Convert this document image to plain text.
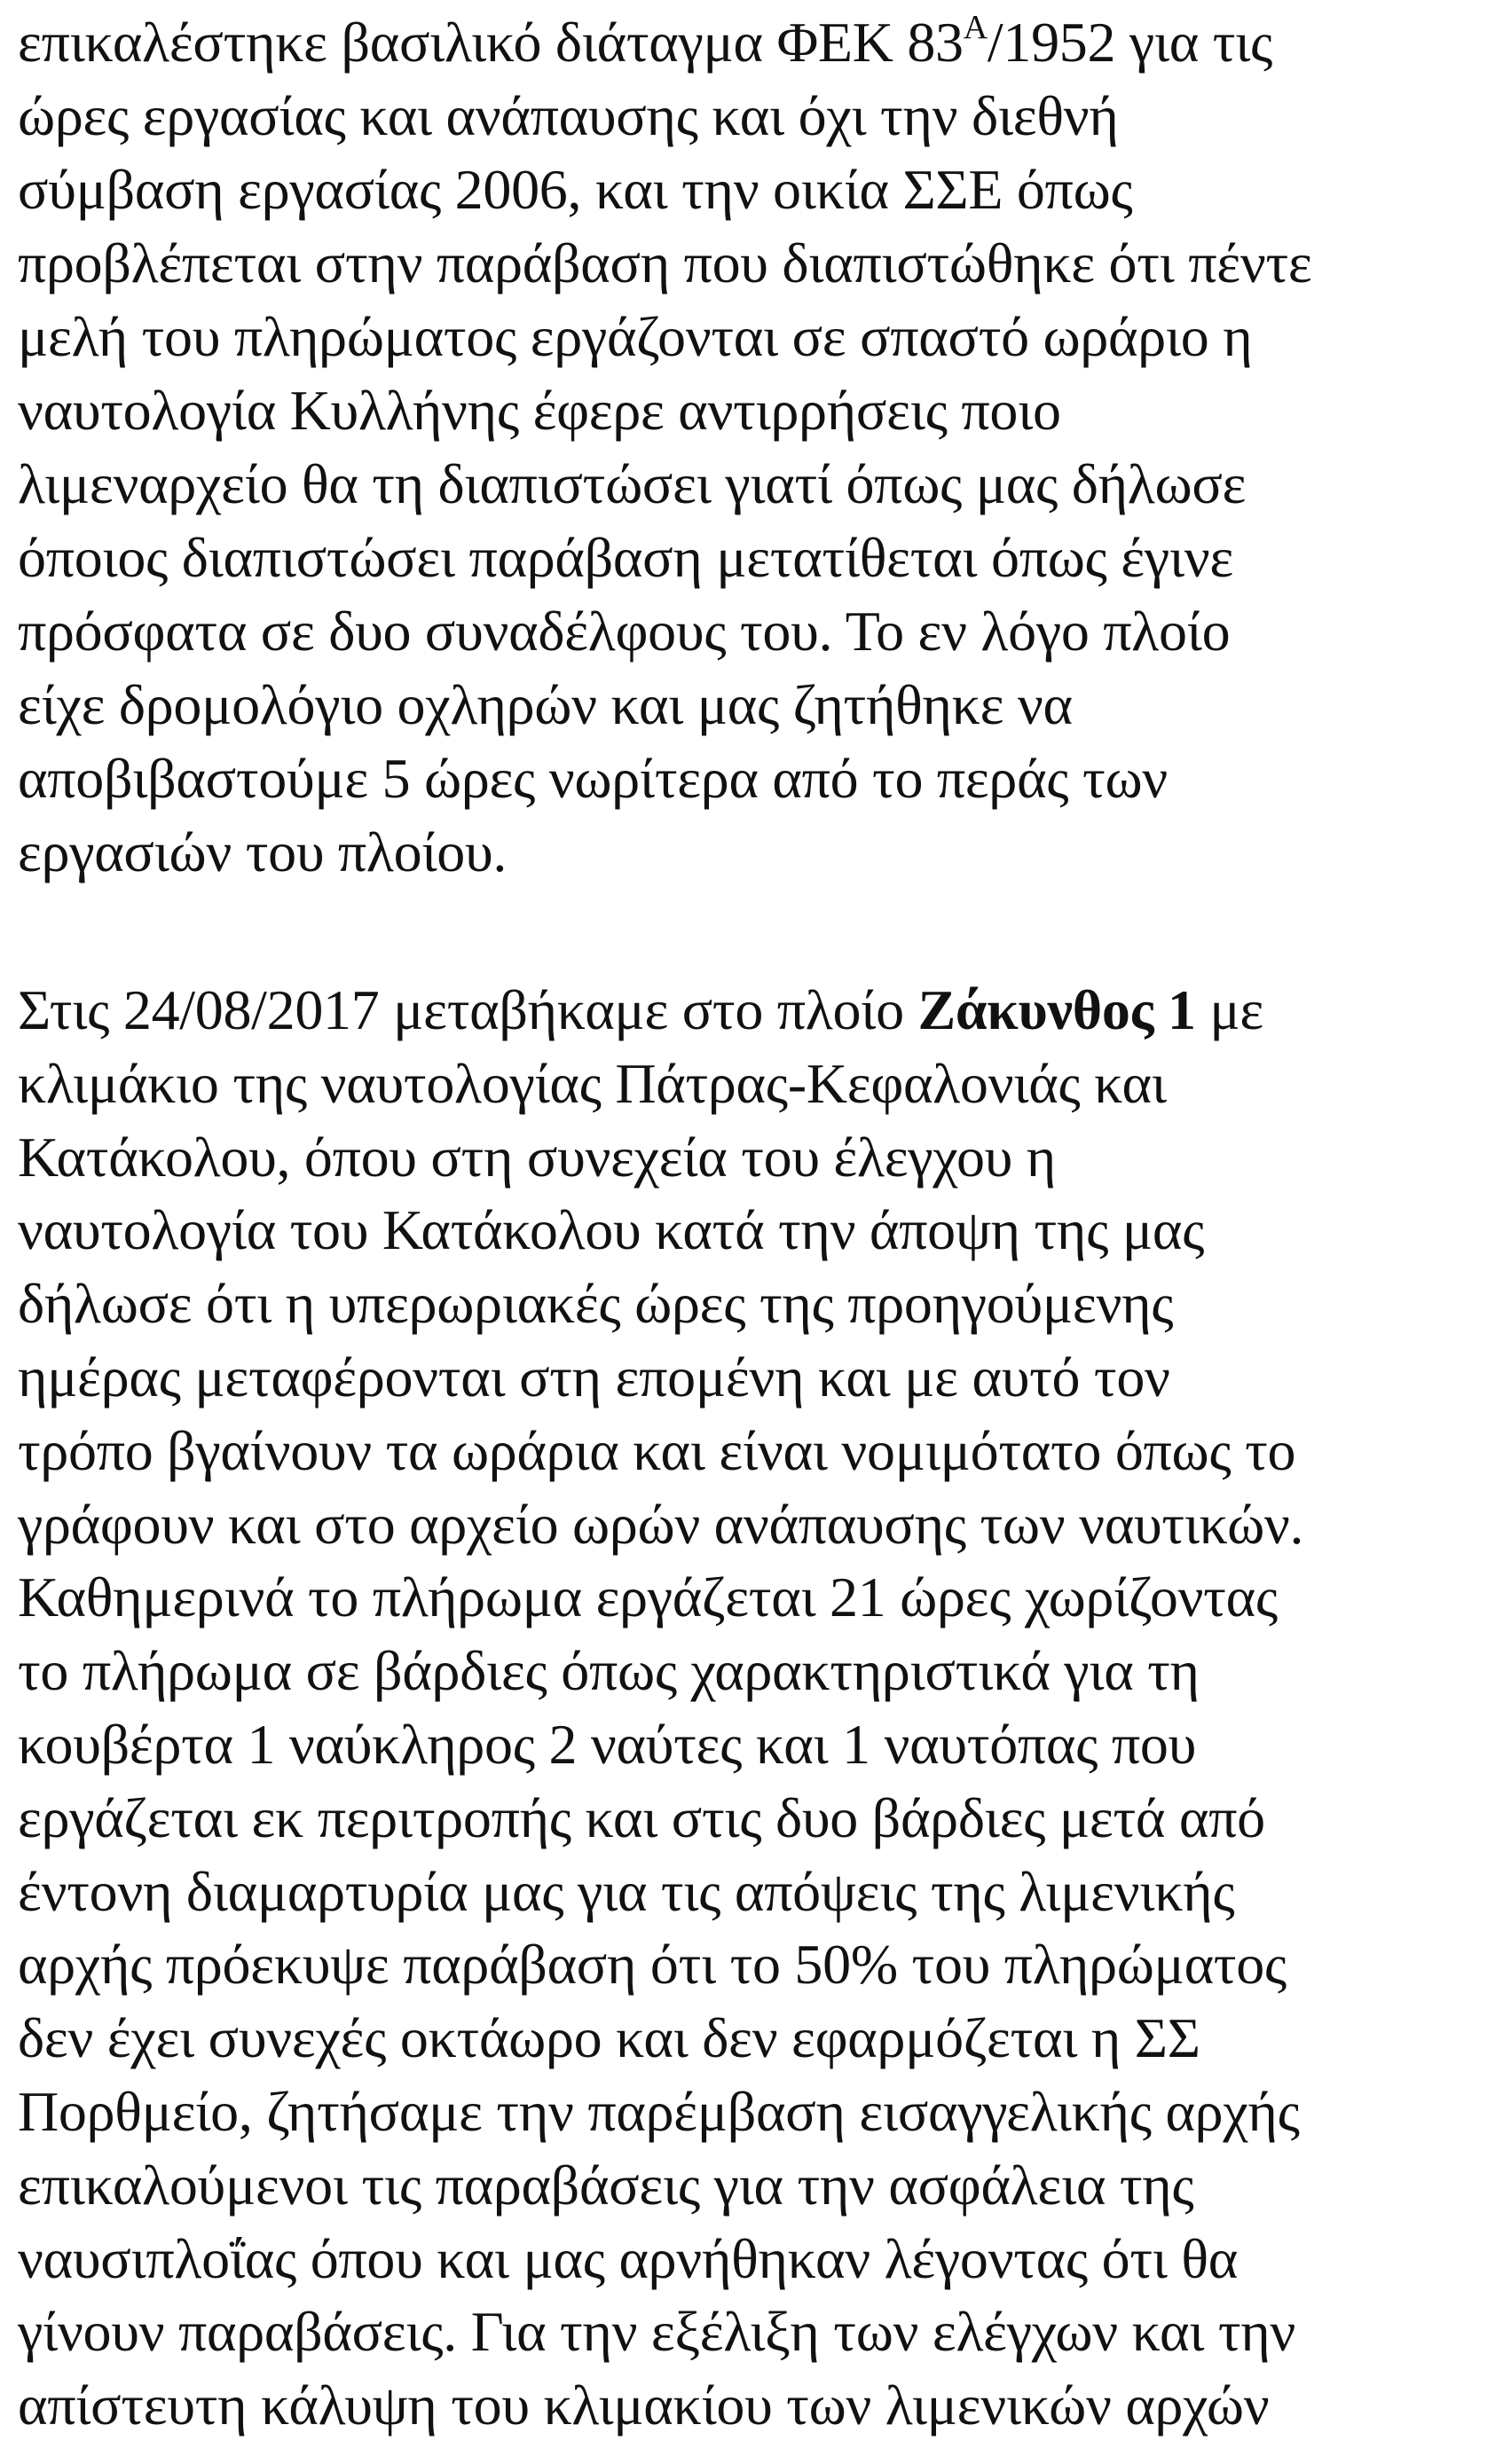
επικαλέστηκε βασιλικό διάταγμα ΦΕΚ $83^A/1952$ για τις
ώρες εργασίας και ανάπαυσης και όχι την διεθνή
σύμβαση εργασίας 2006, και την οικία ΣΣΕ όπως
προβλέπεται στην παράβαση που διαπιστώθηκε ότι πέντε
μελή του πληρώματος εργάζονται σε σπαστό ωράριο η
ναυτολογία Κυλλήνης έφερε αντιρρήσεις ποιο
λιμεναρχείο θα τη διαπιστώσει γιατί όπως μας δήλωσε
όποιος διαπιστώσει παράβαση μετατίθεται όπως έγινε
πρόσφατα σε δυο συναδέλφους του. Το εν λόγο πλοίο
είχε δρομολόγιο οχληρών και μας ζητήθηκε να
αποβιβαστούμε 5 ώρες νωρίτερα από το περάς των
εργασιών του πλοίου.
Στις 24/08/2017 μεταβήκαμε στο πλοίο Ζάκυνθος 1 με
κλιμάκιο της ναυτολογίας Πάτρας-Κεφαλονιάς και
Κατάκολου, όπου στη συνεχεία του έλεγχου η
ναυτολογία του Κατάκολου κατά την άποψη της μας
δήλωσε ότι η υπερωριακές ώρες της προηγούμενης
ημέρας μεταφέρονται στη επομένη και με αυτό τον
τρόπο βγαίνουν τα ωράρια και είναι νομιμότατο όπως το
γράφουν και στο αρχείο ωρών ανάπαυσης των ναυτικών.
Καθημερινά το πλήρωμα εργάζεται 21 ώρες χωρίζοντας
το πλήρωμα σε βάρδιες όπως χαρακτηριστικά για τη
κουβέρτα 1 ναύκληρος 2 ναύτες και 1 ναυτόπας που
εργάζεται εκ περιτροπής και στις δυο βάρδιες μετά από
έντονη διαμαρτυρία μας για τις απόψεις της λιμενικής
αρχής πρόεκυψε παράβαση ότι το 50% του πληρώματος
δεν έχει συνεχές οκτάωρο και δεν εφαρμόζεται η ΣΣ
Πορθμείο, ζητήσαμε την παρέμβαση εισαγγελικής αρχής
επικαλούμενοι τις παραβάσεις για την ασφάλεια της
ναυσιπλοΐας όπου και μας αρνήθηκαν λέγοντας ότι θα
γίνουν παραβάσεις. Για την εξέλιξη των ελέγχων και την
απίστευτη κάλυψη του κλιμακίου των λιμενικών αρχών
